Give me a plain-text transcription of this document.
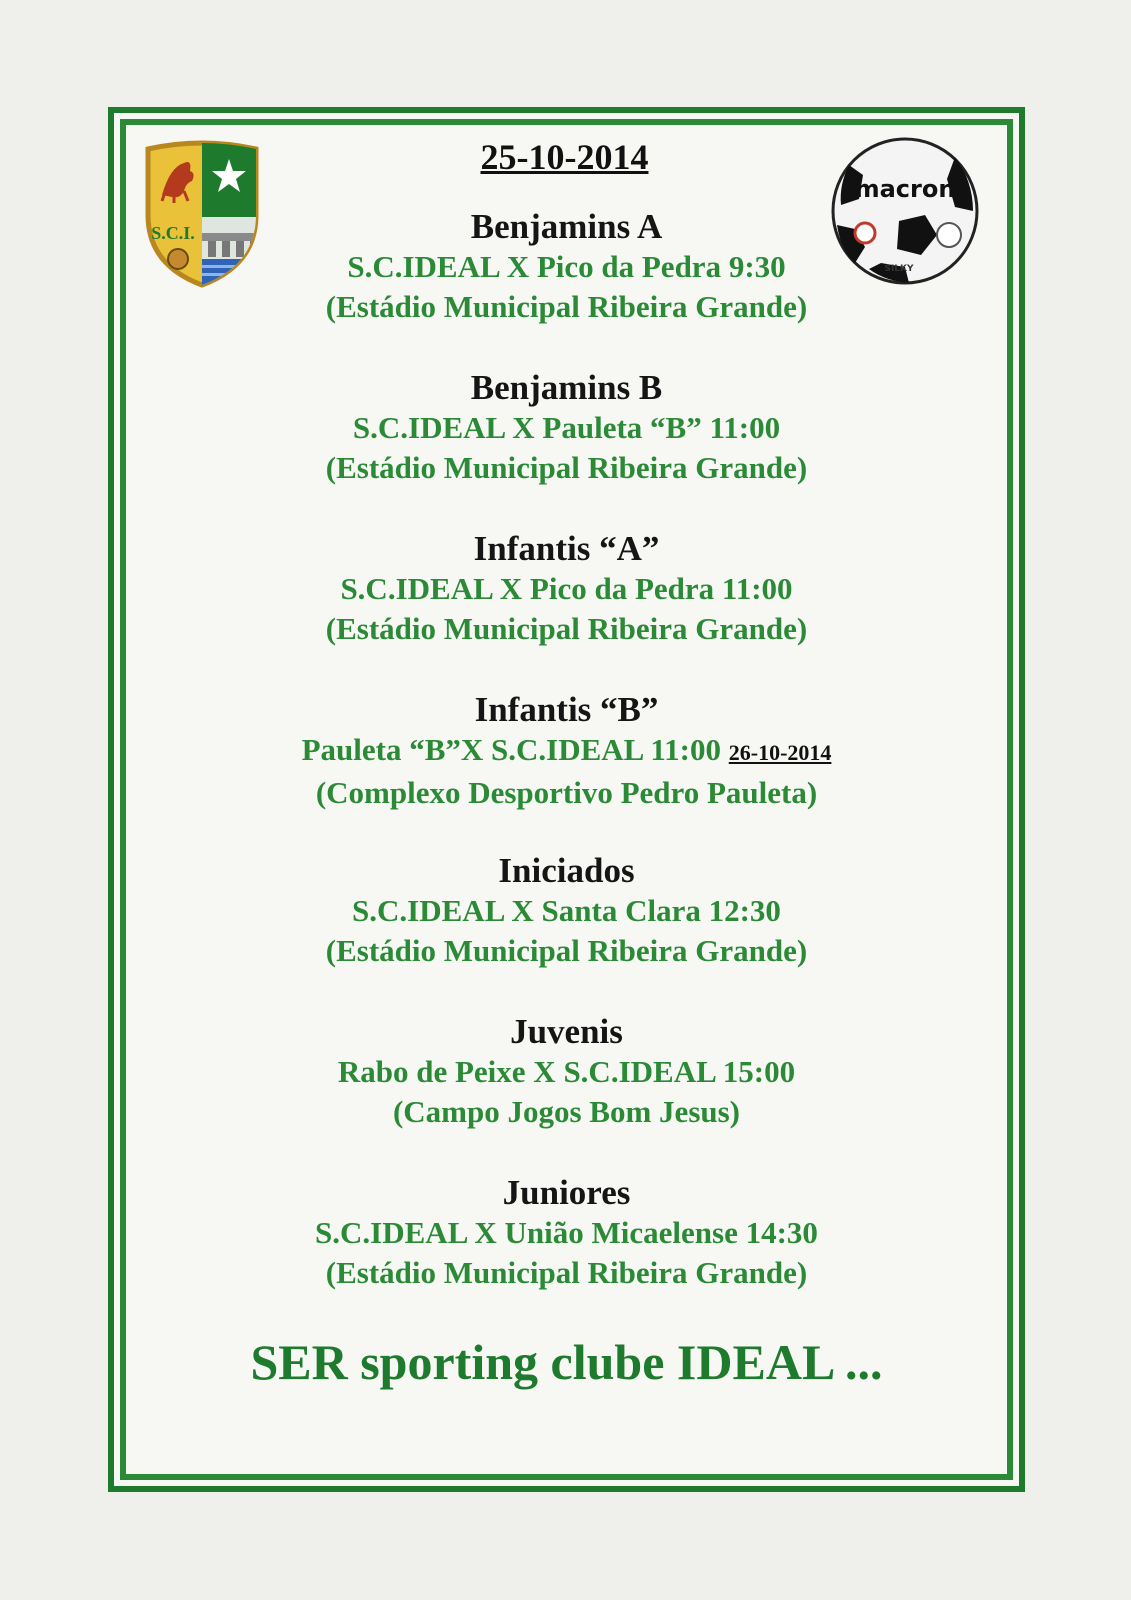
S.C.I.
macron
SILKY
25-10-2014
Benjamins A
S.C.IDEAL X Pico da Pedra 9:30
(Estádio Municipal Ribeira Grande)
Benjamins B
S.C.IDEAL X Pauleta “B” 11:00
(Estádio Municipal Ribeira Grande)
Infantis “A”
S.C.IDEAL X Pico da Pedra 11:00
(Estádio Municipal Ribeira Grande)
Infantis “B”
Pauleta “B”X S.C.IDEAL 11:00 26-10-2014
(Complexo Desportivo Pedro Pauleta)
Iniciados
S.C.IDEAL X Santa Clara 12:30
(Estádio Municipal Ribeira Grande)
Juvenis
Rabo de Peixe X S.C.IDEAL 15:00
(Campo Jogos Bom Jesus)
Juniores
S.C.IDEAL X União Micaelense 14:30
(Estádio Municipal Ribeira Grande)
SER sporting clube IDEAL ...
